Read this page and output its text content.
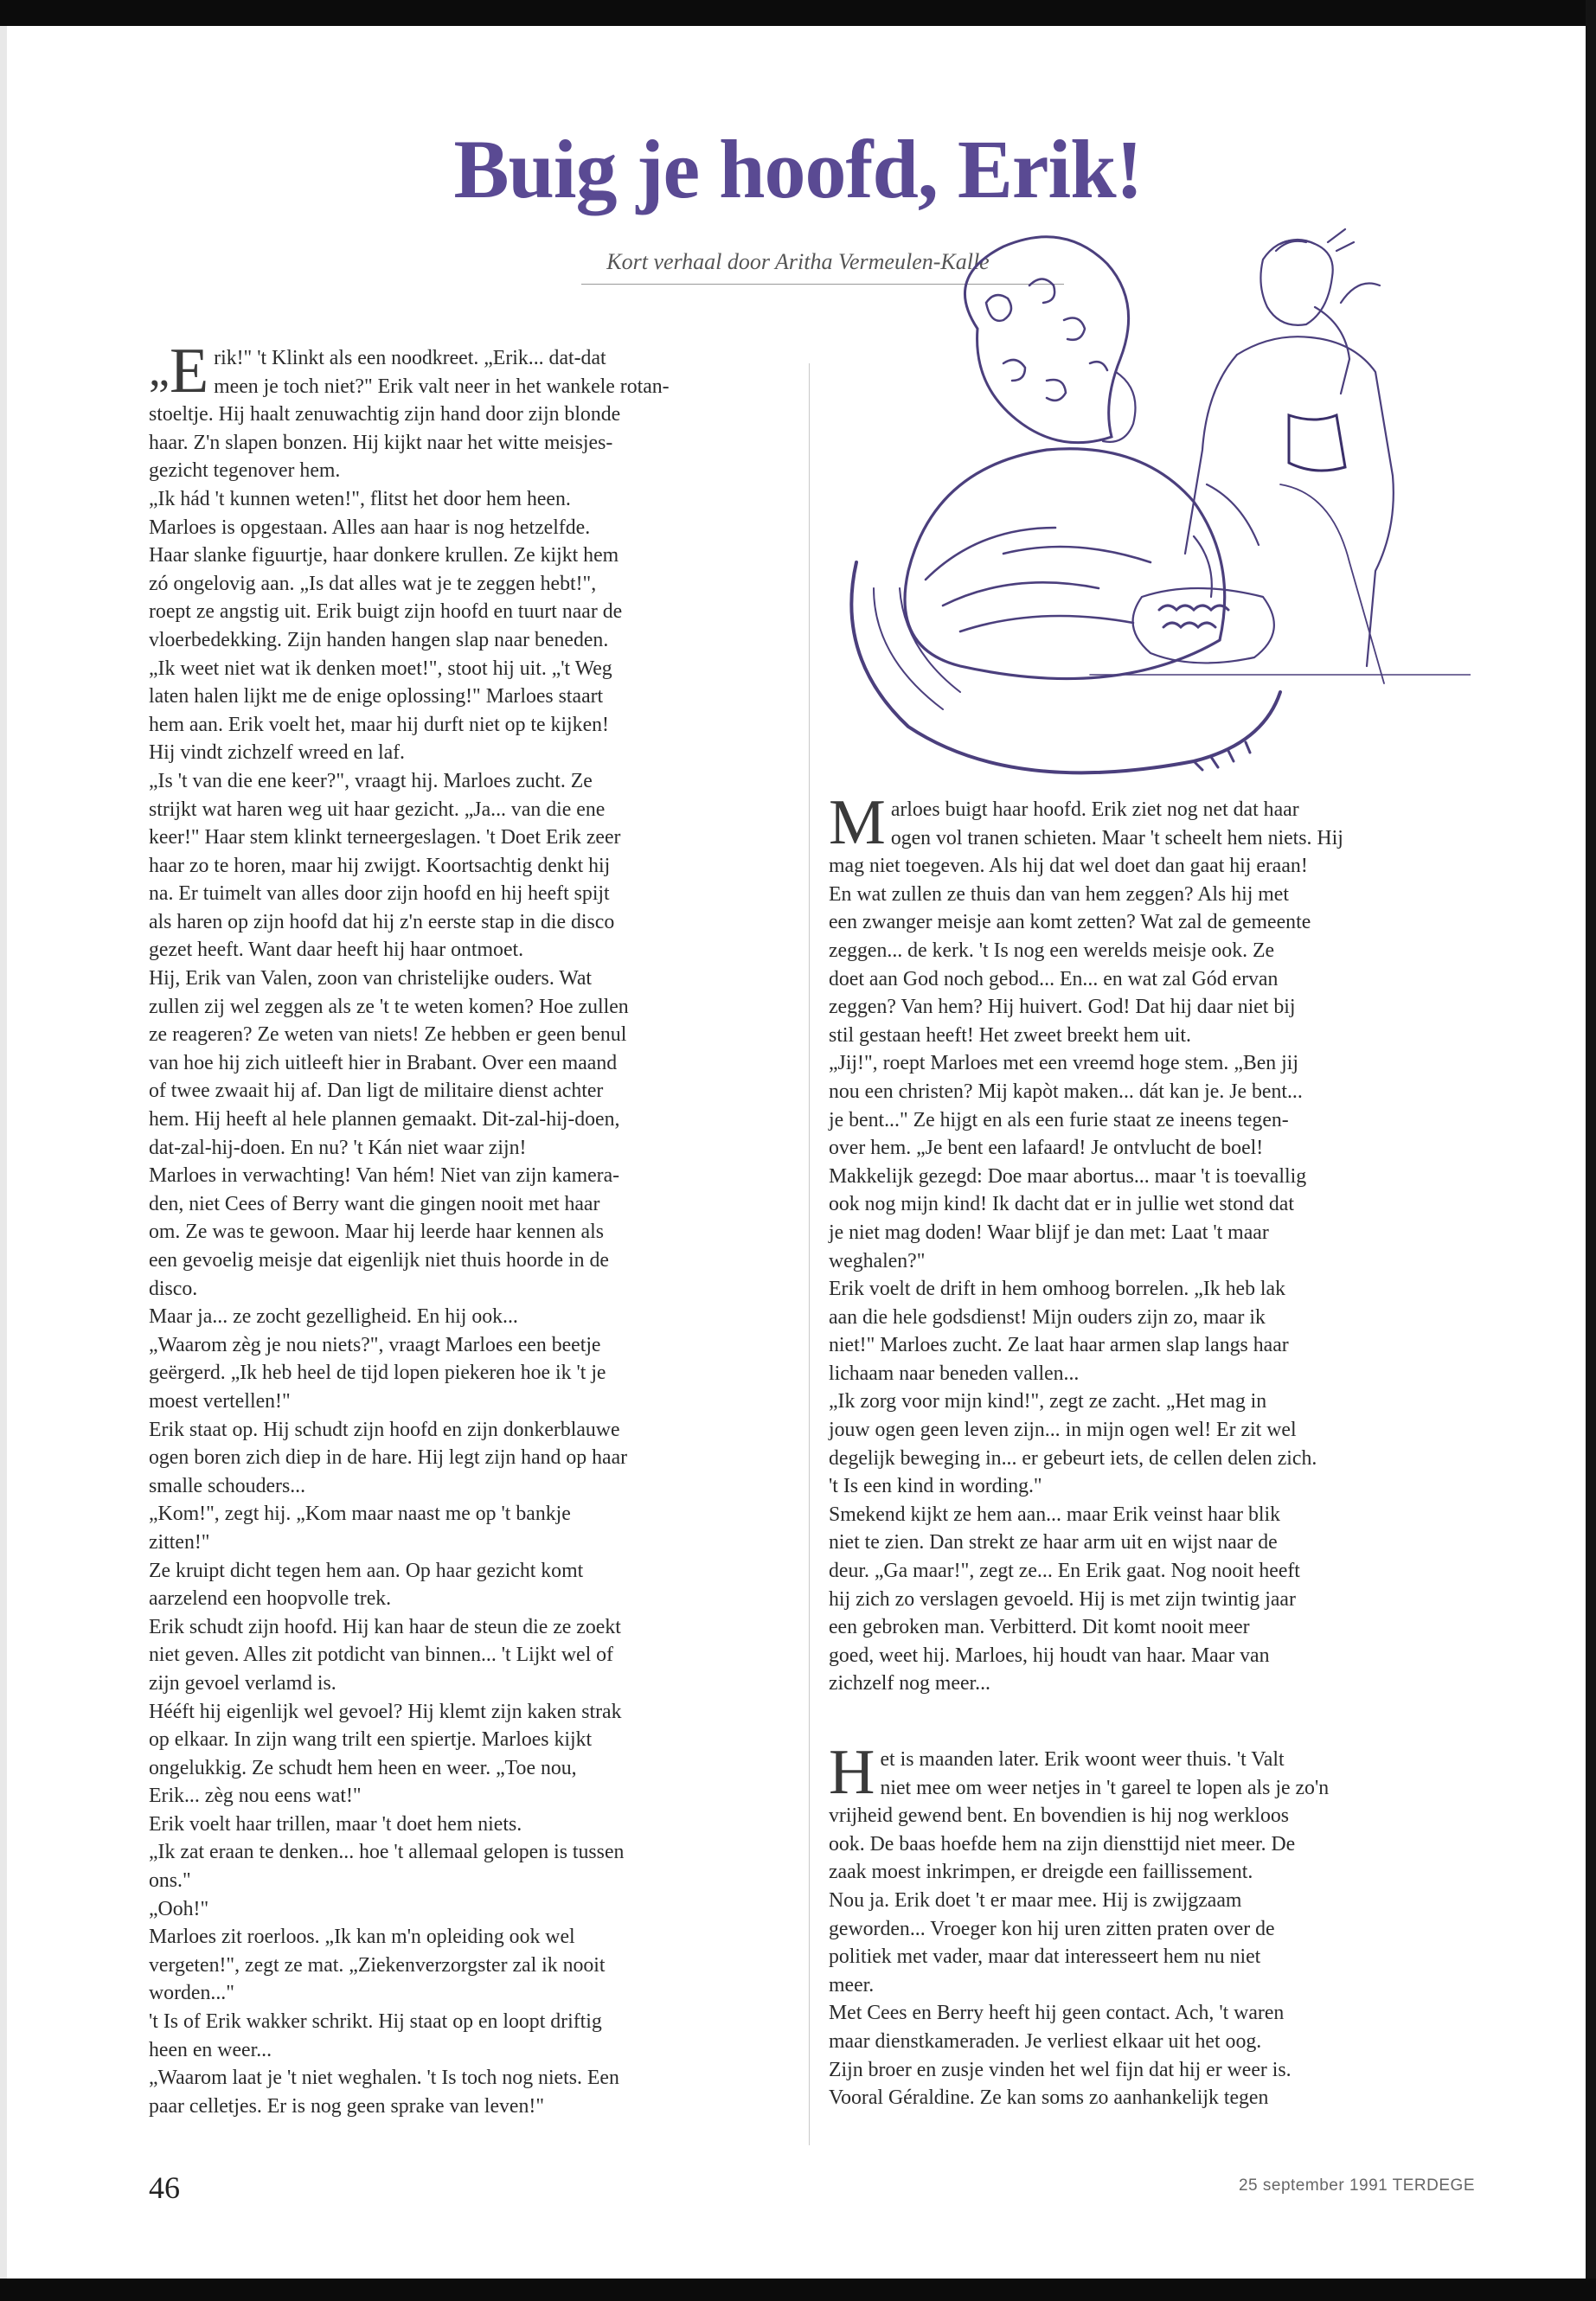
Buig je hoofd, Erik!
Kort verhaal door Aritha Vermeulen-Kalle
„E rik!" 't Klinkt als een noodkreet. „Erik... dat-dat

meen je toch niet?" Erik valt neer in het wankele rotan-

stoeltje. Hij haalt zenuwachtig zijn hand door zijn blonde

haar. Z'n slapen bonzen. Hij kijkt naar het witte meisjes-

gezicht tegenover hem.

„Ik hád 't kunnen weten!", flitst het door hem heen.

Marloes is opgestaan. Alles aan haar is nog hetzelfde.

Haar slanke figuurtje, haar donkere krullen. Ze kijkt hem

zó ongelovig aan. „Is dat alles wat je te zeggen hebt!",

roept ze angstig uit. Erik buigt zijn hoofd en tuurt naar de

vloerbedekking. Zijn handen hangen slap naar beneden.

„Ik weet niet wat ik denken moet!", stoot hij uit. „'t Weg

laten halen lijkt me de enige oplossing!" Marloes staart

hem aan. Erik voelt het, maar hij durft niet op te kijken!

Hij vindt zichzelf wreed en laf.

„Is 't van die ene keer?", vraagt hij. Marloes zucht. Ze

strijkt wat haren weg uit haar gezicht. „Ja... van die ene

keer!" Haar stem klinkt terneergeslagen. 't Doet Erik zeer

haar zo te horen, maar hij zwijgt. Koortsachtig denkt hij

na. Er tuimelt van alles door zijn hoofd en hij heeft spijt

als haren op zijn hoofd dat hij z'n eerste stap in die disco

gezet heeft. Want daar heeft hij haar ontmoet.

Hij, Erik van Valen, zoon van christelijke ouders. Wat

zullen zij wel zeggen als ze 't te weten komen? Hoe zullen

ze reageren? Ze weten van niets! Ze hebben er geen benul

van hoe hij zich uitleeft hier in Brabant. Over een maand

of twee zwaait hij af. Dan ligt de militaire dienst achter

hem. Hij heeft al hele plannen gemaakt. Dit-zal-hij-doen,

dat-zal-hij-doen. En nu? 't Kán niet waar zijn!

Marloes in verwachting! Van hém! Niet van zijn kamera-

den, niet Cees of Berry want die gingen nooit met haar

om. Ze was te gewoon. Maar hij leerde haar kennen als

een gevoelig meisje dat eigenlijk niet thuis hoorde in de

disco.

Maar ja... ze zocht gezelligheid. En hij ook...

„Waarom zèg je nou niets?", vraagt Marloes een beetje

geërgerd. „Ik heb heel de tijd lopen piekeren hoe ik 't je

moest vertellen!"

Erik staat op. Hij schudt zijn hoofd en zijn donkerblauwe

ogen boren zich diep in de hare. Hij legt zijn hand op haar

smalle schouders...

„Kom!", zegt hij. „Kom maar naast me op 't bankje

zitten!"

Ze kruipt dicht tegen hem aan. Op haar gezicht komt

aarzelend een hoopvolle trek.

Erik schudt zijn hoofd. Hij kan haar de steun die ze zoekt

niet geven. Alles zit potdicht van binnen... 't Lijkt wel of

zijn gevoel verlamd is.

Hééft hij eigenlijk wel gevoel? Hij klemt zijn kaken strak

op elkaar. In zijn wang trilt een spiertje. Marloes kijkt

ongelukkig. Ze schudt hem heen en weer. „Toe nou,

Erik... zèg nou eens wat!"

Erik voelt haar trillen, maar 't doet hem niets.

„Ik zat eraan te denken... hoe 't allemaal gelopen is tussen

ons."

„Ooh!"

Marloes zit roerloos. „Ik kan m'n opleiding ook wel

vergeten!", zegt ze mat. „Ziekenverzorgster zal ik nooit

worden..."

't Is of Erik wakker schrikt. Hij staat op en loopt driftig

heen en weer...

„Waarom laat je 't niet weghalen. 't Is toch nog niets. Een

paar celletjes. Er is nog geen sprake van leven!"

M arloes buigt haar hoofd. Erik ziet nog net dat haar

ogen vol tranen schieten. Maar 't scheelt hem niets. Hij

mag niet toegeven. Als hij dat wel doet dan gaat hij eraan!

En wat zullen ze thuis dan van hem zeggen? Als hij met

een zwanger meisje aan komt zetten? Wat zal de gemeente

zeggen... de kerk. 't Is nog een werelds meisje ook. Ze

doet aan God noch gebod... En... en wat zal Gód ervan

zeggen? Van hem? Hij huivert. God! Dat hij daar niet bij

stil gestaan heeft! Het zweet breekt hem uit.

„Jij!", roept Marloes met een vreemd hoge stem. „Ben jij

nou een christen? Mij kapòt maken... dát kan je. Je bent...

je bent..." Ze hijgt en als een furie staat ze ineens tegen-

over hem. „Je bent een lafaard! Je ontvlucht de boel!

Makkelijk gezegd: Doe maar abortus... maar 't is toevallig

ook nog mijn kind! Ik dacht dat er in jullie wet stond dat

je niet mag doden! Waar blijf je dan met: Laat 't maar

weghalen?"

Erik voelt de drift in hem omhoog borrelen. „Ik heb lak

aan die hele godsdienst! Mijn ouders zijn zo, maar ik

niet!" Marloes zucht. Ze laat haar armen slap langs haar

lichaam naar beneden vallen...

„Ik zorg voor mijn kind!", zegt ze zacht. „Het mag in

jouw ogen geen leven zijn... in mijn ogen wel! Er zit wel

degelijk beweging in... er gebeurt iets, de cellen delen zich.

't Is een kind in wording."

Smekend kijkt ze hem aan... maar Erik veinst haar blik

niet te zien. Dan strekt ze haar arm uit en wijst naar de

deur. „Ga maar!", zegt ze... En Erik gaat. Nog nooit heeft

hij zich zo verslagen gevoeld. Hij is met zijn twintig jaar

een gebroken man. Verbitterd. Dit komt nooit meer

goed, weet hij. Marloes, hij houdt van haar. Maar van

zichzelf nog meer...

H et is maanden later. Erik woont weer thuis. 't Valt

niet mee om weer netjes in 't gareel te lopen als je zo'n

vrijheid gewend bent. En bovendien is hij nog werkloos

ook. De baas hoefde hem na zijn diensttijd niet meer. De

zaak moest inkrimpen, er dreigde een faillissement.

Nou ja. Erik doet 't er maar mee. Hij is zwijgzaam

geworden... Vroeger kon hij uren zitten praten over de

politiek met vader, maar dat interesseert hem nu niet

meer.

Met Cees en Berry heeft hij geen contact. Ach, 't waren

maar dienstkameraden. Je verliest elkaar uit het oog.

Zijn broer en zusje vinden het wel fijn dat hij er weer is.

Vooral Géraldine. Ze kan soms zo aanhankelijk tegen

46	25 september 1991 TERDEGE
